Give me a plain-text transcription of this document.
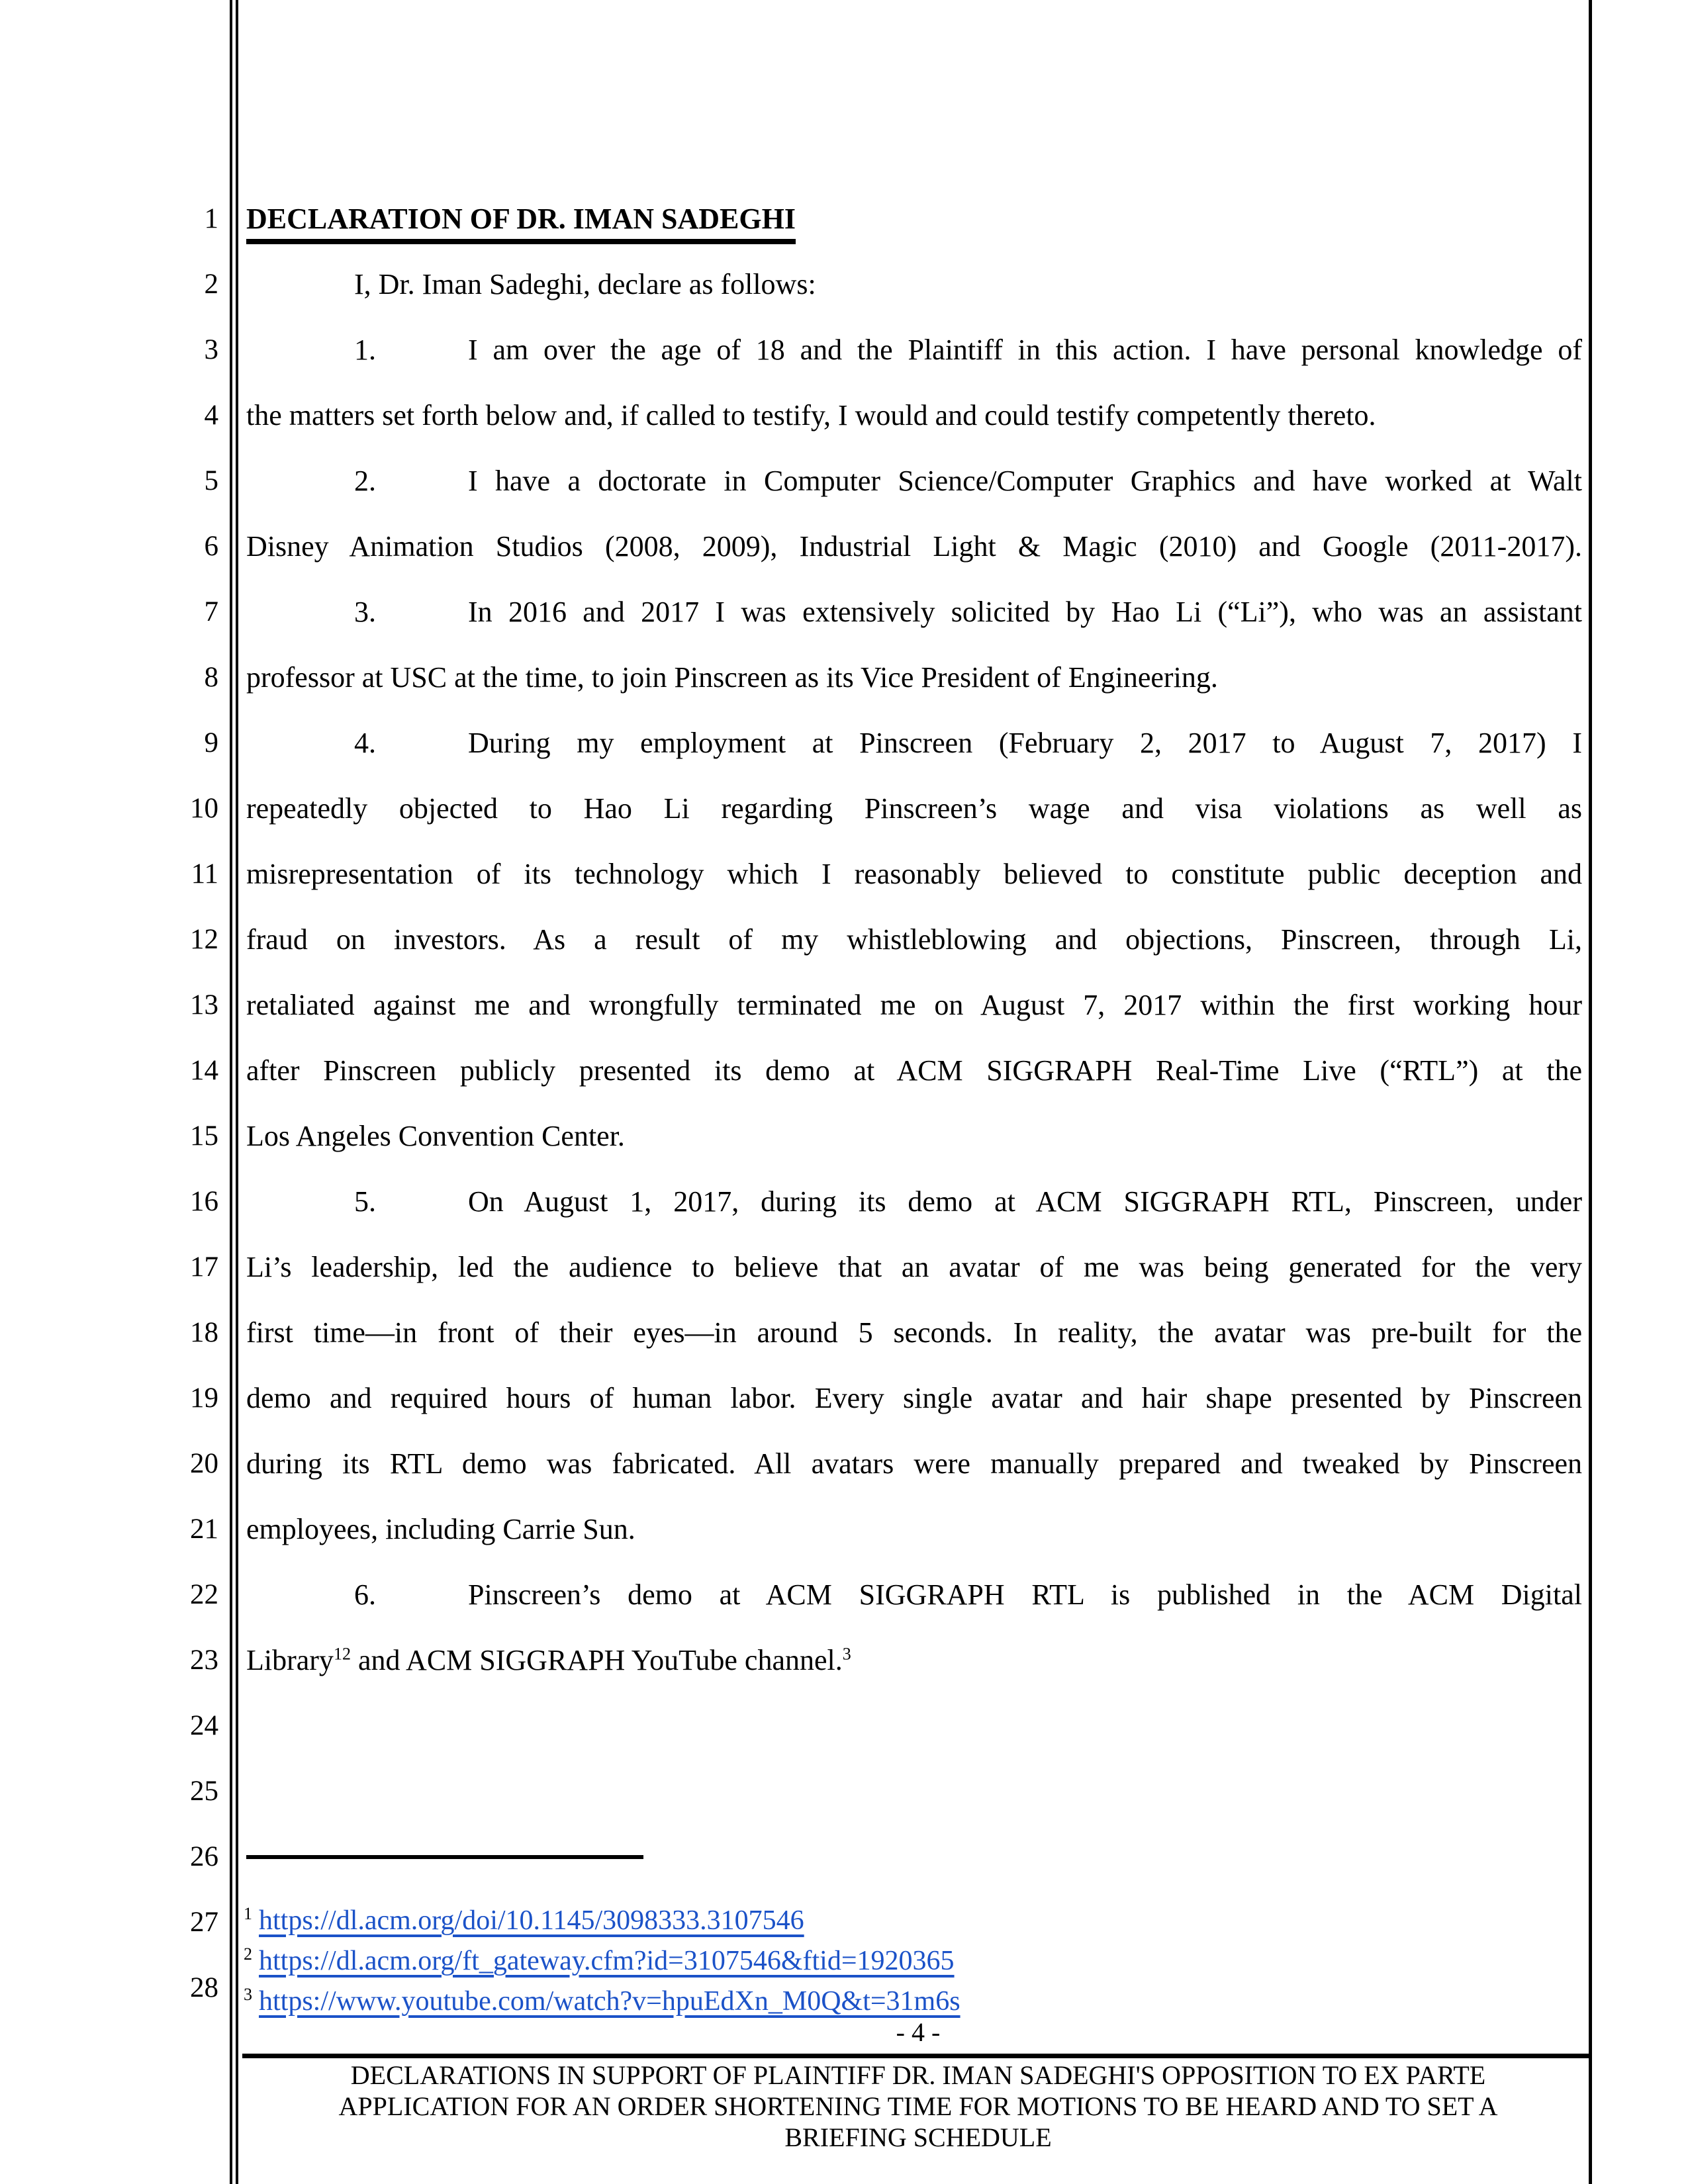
1
2
3
4
5
6
7
8
9
10
11
12
13
14
15
16
17
18
19
20
21
22
23
24
25
26
27
28
DECLARATION OF DR. IMAN SADEGHI
I, Dr. Iman Sadeghi, declare as follows:
1.	I am over the age of 18 and the Plaintiff in this action. I have personal knowledge of
the matters set forth below and, if called to testify, I would and could testify competently thereto.
2.	I have a doctorate in Computer Science/Computer Graphics and have worked at Walt
Disney Animation Studios (2008, 2009), Industrial Light & Magic (2010) and Google (2011-2017).
3.	In 2016 and 2017 I was extensively solicited by Hao Li (“Li”), who was an assistant
professor at USC at the time, to join Pinscreen as its Vice President of Engineering.
4.	During my employment at Pinscreen (February 2, 2017 to August 7, 2017) I
repeatedly objected to Hao Li regarding Pinscreen’s wage and visa violations as well as
misrepresentation of its technology which I reasonably believed to constitute public deception and
fraud on investors. As a result of my whistleblowing and objections, Pinscreen, through Li,
retaliated against me and wrongfully terminated me on August 7, 2017 within the first working hour
after Pinscreen publicly presented its demo at ACM SIGGRAPH Real-Time Live (“RTL”) at the
Los Angeles Convention Center.
5.	On August 1, 2017, during its demo at ACM SIGGRAPH RTL, Pinscreen, under
Li’s leadership, led the audience to believe that an avatar of me was being generated for the very
first time—in front of their eyes—in around 5 seconds. In reality, the avatar was pre-built for the
demo and required hours of human labor. Every single avatar and hair shape presented by Pinscreen
during its RTL demo was fabricated. All avatars were manually prepared and tweaked by Pinscreen
employees, including Carrie Sun.
6.	Pinscreen’s demo at ACM SIGGRAPH RTL is published in the ACM Digital
Library$^{12}$ and ACM SIGGRAPH YouTube channel.$^3$
$^1$ https://dl.acm.org/doi/10.1145/3098333.3107546
$^2$ https://dl.acm.org/ft_gateway.cfm?id=3107546&ftid=1920365
$^3$ https://www.youtube.com/watch?v=hpuEdXn_M0Q&t=31m6s
- 4 -
DECLARATIONS IN SUPPORT OF PLAINTIFF DR. IMAN SADEGHI'S OPPOSITION TO EX PARTE
APPLICATION FOR AN ORDER SHORTENING TIME FOR MOTIONS TO BE HEARD AND TO SET A
BRIEFING SCHEDULE
